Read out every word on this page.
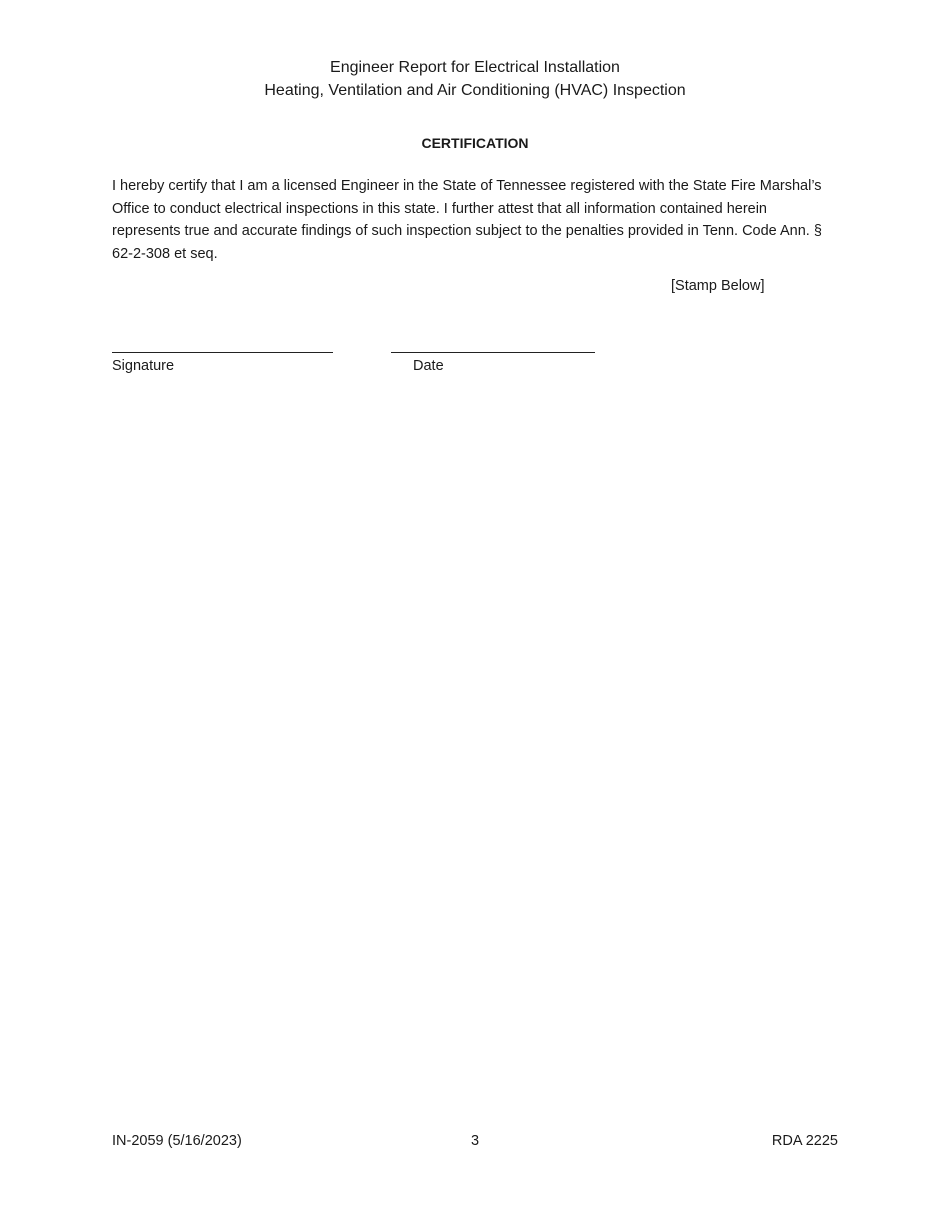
Engineer Report for Electrical Installation
Heating, Ventilation and Air Conditioning (HVAC) Inspection
CERTIFICATION
I hereby certify that I am a licensed Engineer in the State of Tennessee registered with the State Fire Marshal’s Office to conduct electrical inspections in this state. I further attest that all information contained herein represents true and accurate findings of such inspection subject to the penalties provided in Tenn. Code Ann. § 62-2-308 et seq.
[Stamp Below]
Signature	Date
IN-2059 (5/16/2023)	3	RDA 2225
